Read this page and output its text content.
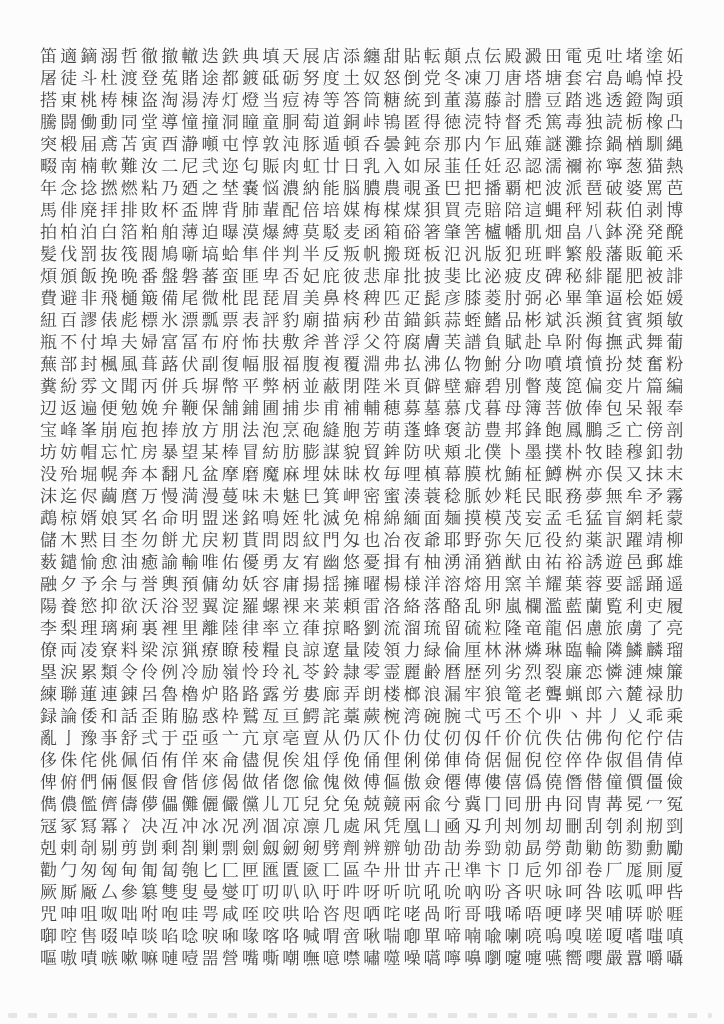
笛適鏑溺哲徹撤轍迭鉄典填天展店添纏甜貼転顛点伝殿澱田電兎吐堵塗妬
屠徒斗杜渡登菟賭途都鍍砥砺努度土奴怒倒党冬凍刀唐塔塘套宕島嶋悼投
搭東桃梼棟盗淘湯涛灯燈当痘祷等答筒糖統到董蕩藤討謄豆踏逃透鐙陶頭
騰闘働動同堂導憧撞洞瞳童胴萄道銅峠鴇匿得徳涜特督禿篤毒独読栃橡凸
突椴届鳶苫寅酉瀞噸屯惇敦沌豚遁頓呑曇鈍奈那内乍凪薙謎灘捺鍋楢馴縄
畷南楠軟難汝二尼弐迩匂賑肉虹廿日乳入如尿韮任妊忍認濡禰祢寧葱猫熱
年念捻撚燃粘乃廼之埜嚢悩濃納能脳膿農覗蚤巴把播覇杷波派琶破婆罵芭
馬俳廃拝排敗杯盃牌背肺輩配倍培媒梅楳煤狽買売賠陪這蝿秤矧萩伯剥博
拍柏泊白箔粕舶薄迫曝漠爆縛莫駁麦函箱硲箸肇筈櫨幡肌畑畠八鉢溌発醗
髪伐罰抜筏閥鳩噺塙蛤隼伴判半反叛帆搬斑板氾汎版犯班畔繁般藩販範釆
煩頒飯挽晩番盤磐蕃蛮匪卑否妃庇彼悲扉批披斐比泌疲皮碑秘緋罷肥被誹
費避非飛樋簸備尾微枇毘琵眉美鼻柊稗匹疋髭彦膝菱肘弼必畢筆逼桧姫媛
紐百謬俵彪標氷漂瓢票表評豹廟描病秒苗錨鋲蒜蛭鰭品彬斌浜瀕貧賓頻敏
瓶不付埠夫婦富冨布府怖扶敷斧普浮父符腐膚芙譜負賦赴阜附侮撫武舞葡
蕪部封楓風葺蕗伏副復幅服福腹複覆淵弗払沸仏物鮒分吻噴墳憤扮焚奮粉
糞紛雰文聞丙併兵塀幣平弊柄並蔽閉陛米頁僻壁癖碧別瞥蔑箆偏変片篇編
辺返遍便勉娩弁鞭保舗鋪圃捕歩甫補輔穂募墓慕戊暮母簿菩倣俸包呆報奉
宝峰峯崩庖抱捧放方朋法泡烹砲縫胞芳萌蓬蜂褒訪豊邦鋒飽鳳鵬乏亡傍剖
坊妨帽忘忙房暴望某棒冒紡肪膨謀貌貿鉾防吠頬北僕卜墨撲朴牧睦穆釦勃
没殆堀幌奔本翻凡盆摩磨魔麻埋妹昧枚毎哩槙幕膜枕鮪柾鱒桝亦俣又抹末
沫迄侭繭麿万慢満漫蔓味未魅巳箕岬密蜜湊蓑稔脈妙粍民眠務夢無牟矛霧
鵡椋婿娘冥名命明盟迷銘鳴姪牝滅免棉綿緬面麺摸模茂妄孟毛猛盲網耗蒙
儲木黙目杢勿餅尤戻籾貰問悶紋門匁也冶夜爺耶野弥矢厄役約薬訳躍靖柳
薮鑓愉愈油癒諭輸唯佑優勇友宥幽悠憂揖有柚湧涌猶猷由祐裕誘遊邑郵雄
融夕予余与誉輿預傭幼妖容庸揚揺擁曜楊様洋溶熔用窯羊耀葉蓉要謡踊遥
陽養慾抑欲沃浴翌翼淀羅螺裸来莱頼雷洛絡落酪乱卵嵐欄濫藍蘭覧利吏履
李梨理璃痢裏裡里離陸律率立葎掠略劉流溜琉留硫粒隆竜龍侶慮旅虜了亮
僚両凌寮料梁涼猟療瞭稜糧良諒遼量陵領力緑倫厘林淋燐琳臨輪隣鱗麟瑠
塁涙累類令伶例冷励嶺怜玲礼苓鈴隷零霊麗齢暦歴列劣烈裂廉恋憐漣煉簾
練聯蓮連錬呂魯櫓炉賂路露労婁廊弄朗楼榔浪漏牢狼篭老聾蝋郎六麓禄肋
録論倭和話歪賄脇惑枠鷲亙亘鰐詫藁蕨椀湾碗腕弌丐丕个丱丶丼丿乂乖乘
亂亅豫亊舒弍于亞亟亠亢亰亳亶从仍仄仆仂仗仞仭仟价伉佚估佛佝佗佇佶
侈侏侘佻佩佰侑佯來侖儘俔俟俎俘俛俑俚俐俤俥倚倨倔倪倥倅伜俶倡倩倬
俾俯們倆偃假會偕偐偈做偖偬偸傀傚傅傴傲僉僊傳僂僖僞僥僭僣僮價僵儉
儁儂儖儕儔儚儡儺儷儼儻儿兀兒兌兔兢竸兩兪兮冀冂囘册冉冏冑冓冕冖冤
冦冢冩冪冫决冱冲冰况冽凅凉凛几處凩凭凰凵凾刄刋刔刎刧刪刮刳刹剏剄
剋剌剞剔剪剴剩剳剿剽劍劔劒剱劈劑辨辧劬劭劼劵勁勍勗勞勣勦飭勠勳勵
勸勹匆匈甸匍匐匏匕匚匣匯匱匳匸區卆卅丗卉卍凖卞卩卮夘卻卷厂厖厠厦
厥厮厰厶參簒雙叟曼燮叮叨叭叺吁吽呀听吭吼吮吶吩吝呎咏呵咎呟呱呷呰
咒呻咀呶咄咐咆哇咢咸咥咬哄哈咨咫哂咤咾咼哘哥哦唏唔哽哮哭哺哢唹啀
啣啌售啜啅啖啗唸唳啝喙喀咯喊喟啻啾喘喞單啼喃喩喇喨嗚嗅嗟嗄嗜嗤嗔
嘔嗷嘖嗾嗽嘛嗹噎噐營嘴嘶嘲嘸噫噤嘯噬噪嚆嚀嚊嚠嚔嚏嚥嚮嚶嚴囂嚼囁
